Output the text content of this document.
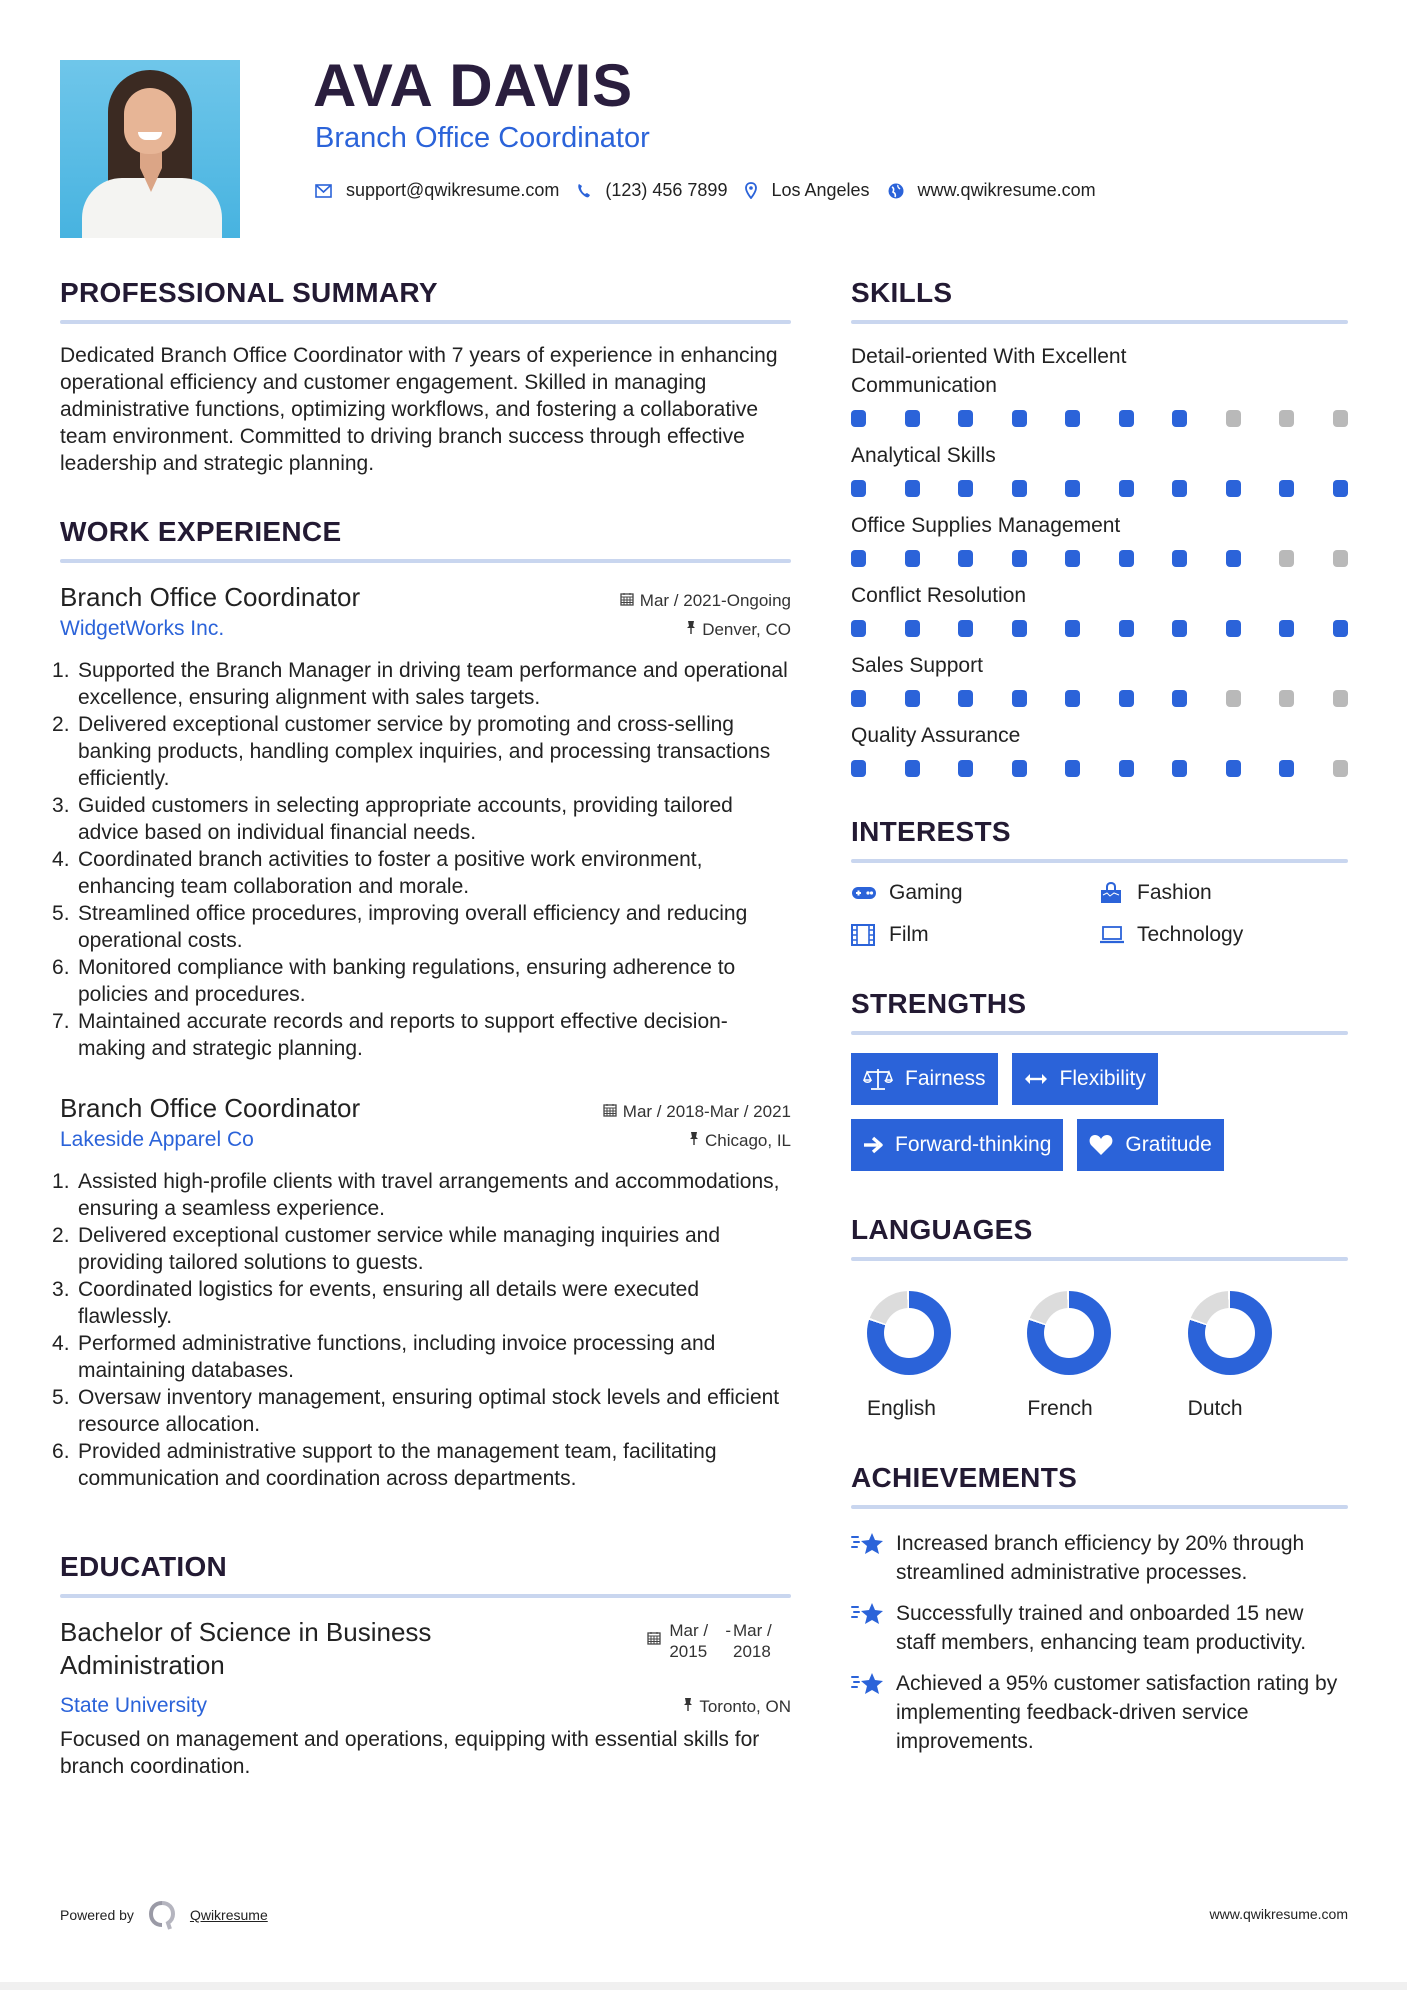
AVA DAVIS
Branch Office Coordinator
support@qwikresume.com	(123) 456 7899 Los Angeles	www.qwikresume.com
PROFESSIONAL SUMMARY

Dedicated Branch Office Coordinator with 7 years of experience in enhancing operational efficiency and customer engagement. Skilled in managing administrative functions, optimizing workflows, and fostering a collaborative team environment. Committed to driving branch success through effective leadership and strategic planning.

WORK EXPERIENCE
Branch Office Coordinator	Mar / 2021-Ongoing
WidgetWorks Inc.	Denver, CO
Supported the Branch Manager in driving team performance and operational excellence, ensuring alignment with sales targets.
Delivered exceptional customer service by promoting and cross-selling banking products, handling complex inquiries, and processing transactions efficiently.
Guided customers in selecting appropriate accounts, providing tailored advice based on individual financial needs.
Coordinated branch activities to foster a positive work environment, enhancing team collaboration and morale.
Streamlined office procedures, improving overall efficiency and reducing operational costs.
Monitored compliance with banking regulations, ensuring adherence to policies and procedures.
Maintained accurate records and reports to support effective decision-making and strategic planning.
Branch Office Coordinator	Mar / 2018-Mar / 2021
Lakeside Apparel Co	Chicago, IL
Assisted high-profile clients with travel arrangements and accommodations, ensuring a seamless experience.
Delivered exceptional customer service while managing inquiries and providing tailored solutions to guests.
Coordinated logistics for events, ensuring all details were executed flawlessly.
Performed administrative functions, including invoice processing and maintaining databases.
Oversaw inventory management, ensuring optimal stock levels and efficient resource allocation.
Provided administrative support to the management team, facilitating communication and coordination across departments.
EDUCATION
Bachelor of Science in Business Administration
Mar / 2015
- Mar / 2018
State University	Toronto, ON

Focused on management and operations, equipping with essential skills for branch coordination.

SKILLS
Detail-oriented With Excellent Communication
Analytical Skills
Office Supplies Management
Conflict Resolution
Sales Support
Quality Assurance
INTERESTS
Gaming	Fashion
Film	Technology
STRENGTHS
Fairness	Flexibility
Forward-thinking	Gratitude
LANGUAGES
English	French	Dutch
ACHIEVEMENTS
Increased branch efficiency by 20% through streamlined administrative processes.
Successfully trained and onboarded 15 new staff members, enhancing team productivity.
Achieved a 95% customer satisfaction rating by implementing feedback-driven service improvements.
Powered by	Qwikresume	www.qwikresume.com
